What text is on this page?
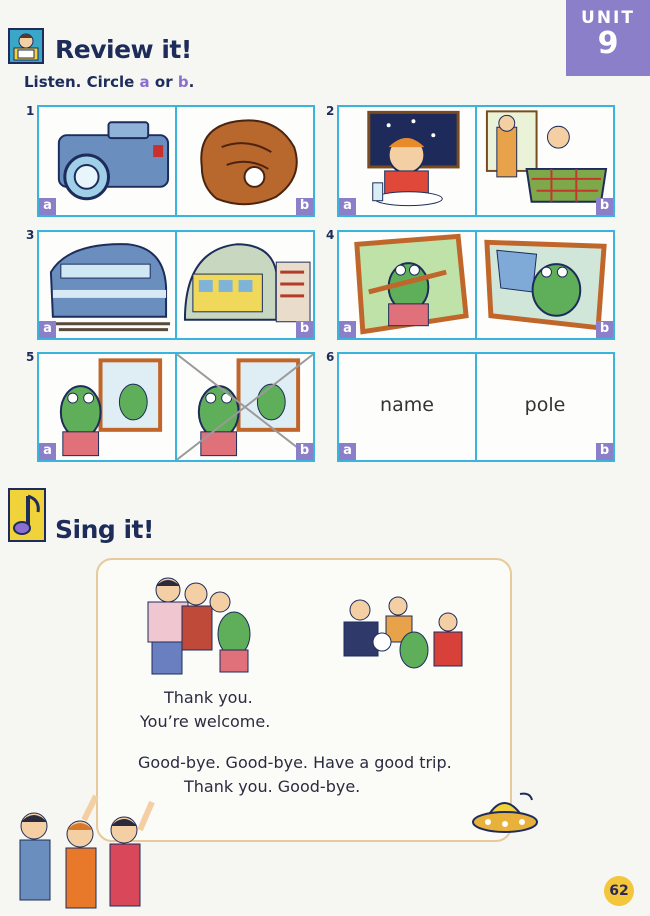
UNIT
9
Review it!
Listen. Circle a or b.
1
a	b
2
a	b
3
a	b
4
a	b
5
a	b
6
name
a
pole
b
Sing it!
Thank you.
You’re welcome.
Good-bye. Good-bye. Have a good trip.
Thank you. Good-bye.
62
